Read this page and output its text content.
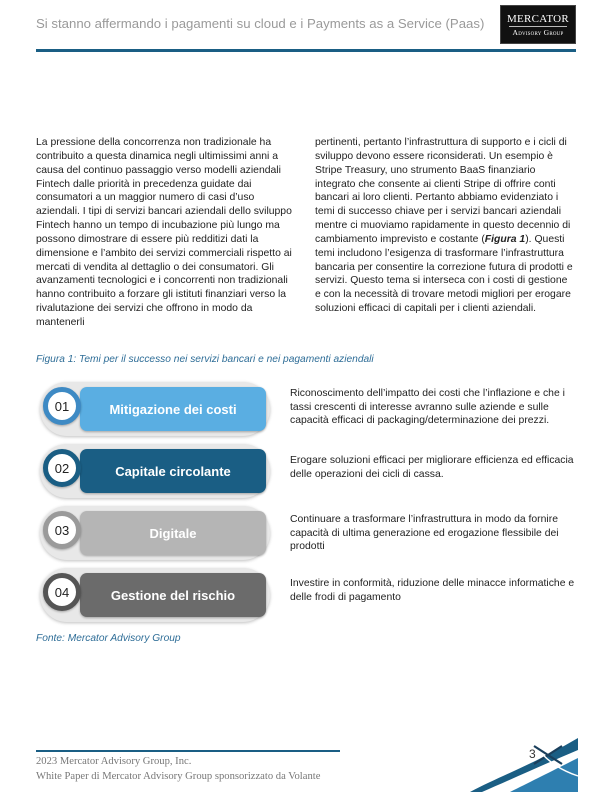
Si stanno affermando i pagamenti su cloud e i Payments as a Service (Paas)	MERCATOR
Advisory Group
La pressione della concorrenza non tradizionale ha contribuito a questa dinamica negli ultimissimi anni a causa del continuo passaggio verso modelli aziendali Fintech dalle priorità in precedenza guidate dai consumatori a un maggior numero di casi d’uso aziendali. I tipi di servizi bancari aziendali dello sviluppo Fintech hanno un tempo di incubazione più lungo ma possono dimostrare di essere più redditizi dati la dimensione e l’ambito dei servizi commerciali rispetto ai mercati di vendita al dettaglio o dei consumatori. Gli avanzamenti tecnologici e i concorrenti non tradizionali hanno contribuito a forzare gli istituti finanziari verso la rivalutazione dei servizi che offrono in modo da mantenerli
pertinenti, pertanto l’infrastruttura di supporto e i cicli di sviluppo devono essere riconsiderati. Un esempio è Stripe Treasury, uno strumento BaaS finanziario integrato che consente ai clienti Stripe di offrire conti bancari ai loro clienti. Pertanto abbiamo evidenziato i temi di successo chiave per i servizi bancari aziendali mentre ci muoviamo rapidamente in questo decennio di cambiamento imprevisto e costante (Figura 1). Questi temi includono l’esigenza di trasformare l’infrastruttura bancaria per consentire la correzione futura di prodotti e servizi. Questo tema si interseca con i costi di gestione e con la necessità di trovare metodi migliori per erogare soluzioni efficaci di capitali per i clienti aziendali.
Figura 1: Temi per il successo nei servizi bancari e nei pagamenti aziendali
Mitigazione dei costi
01
Riconoscimento dell’impatto dei costi che l’inflazione e che i tassi crescenti di interesse avranno sulle aziende e sulle capacità efficaci di packaging/determinazione dei prezzi.
Capitale circolante
02	Erogare soluzioni efficaci per migliorare efficienza ed efficacia delle operazioni dei cicli di cassa.
Digitale
03
Continuare a trasformare l’infrastruttura in modo da fornire capacità di ultima generazione ed erogazione flessibile dei prodotti
Gestione del rischio
04
Investire in conformità, riduzione delle minacce informatiche e delle frodi di pagamento
Fonte: Mercator Advisory Group
2023 Mercator Advisory Group, Inc.
White Paper di Mercator Advisory Group sponsorizzato da Volante
3
